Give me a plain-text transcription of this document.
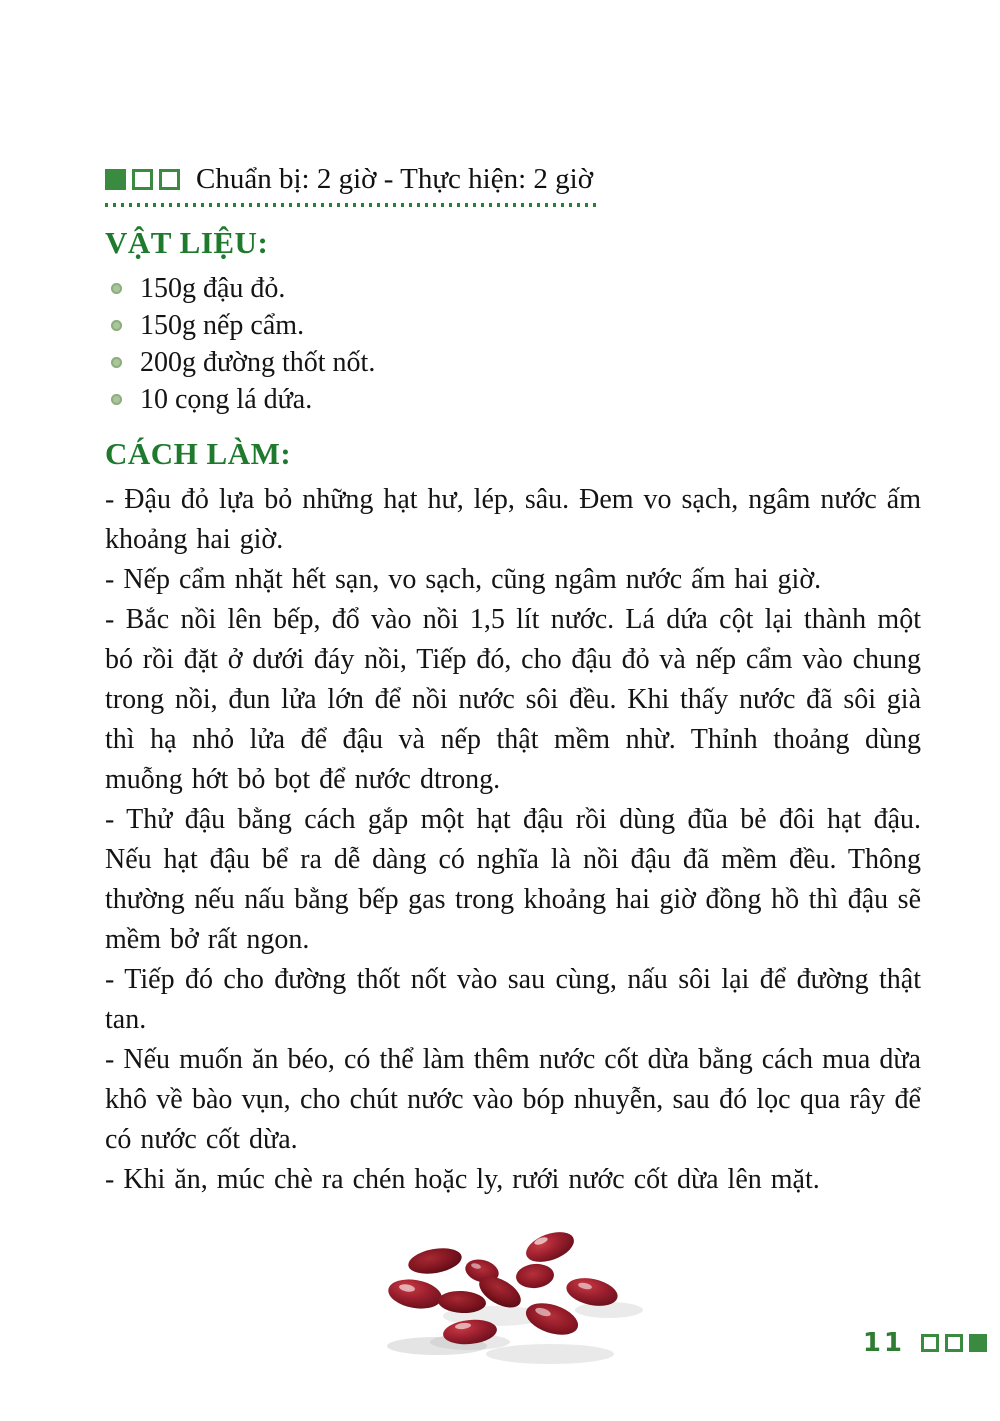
Chuẩn bị: 2 giờ - Thực hiện: 2 giờ
VẬT LIỆU:
150g đậu đỏ.
150g nếp cẩm.
200g đường thốt nốt.
10 cọng lá dứa.
CÁCH LÀM:

- Đậu đỏ lựa bỏ những hạt hư, lép, sâu. Đem vo sạch, ngâm nước ấm khoảng hai giờ.

- Nếp cẩm nhặt hết sạn, vo sạch, cũng ngâm nước ấm hai giờ.

- Bắc nồi lên bếp, đổ vào nồi 1,5 lít nước. Lá dứa cột lại thành một bó rồi đặt ở dưới đáy nồi, Tiếp đó, cho đậu đỏ và nếp cẩm vào chung trong nồi, đun lửa lớn để nồi nước sôi đều. Khi thấy nước đã sôi già thì hạ nhỏ lửa để đậu và nếp thật mềm nhừ. Thỉnh thoảng dùng muỗng hớt bỏ bọt để nước dtrong.

- Thử đậu bằng cách gắp một hạt đậu rồi dùng đũa bẻ đôi hạt đậu. Nếu hạt đậu bể ra dễ dàng có nghĩa là nồi đậu đã mềm đều. Thông thường nếu nấu bằng bếp gas trong khoảng hai giờ đồng hồ thì đậu sẽ mềm bở rất ngon.

- Tiếp đó cho đường thốt nốt vào sau cùng, nấu sôi lại để đường thật tan.

- Nếu muốn ăn béo, có thể làm thêm nước cốt dừa bằng cách mua dừa khô về bào vụn, cho chút nước vào bóp nhuyễn, sau đó lọc qua rây để có nước cốt dừa.

- Khi ăn, múc chè ra chén hoặc ly, rưới nước cốt dừa lên mặt.

11
